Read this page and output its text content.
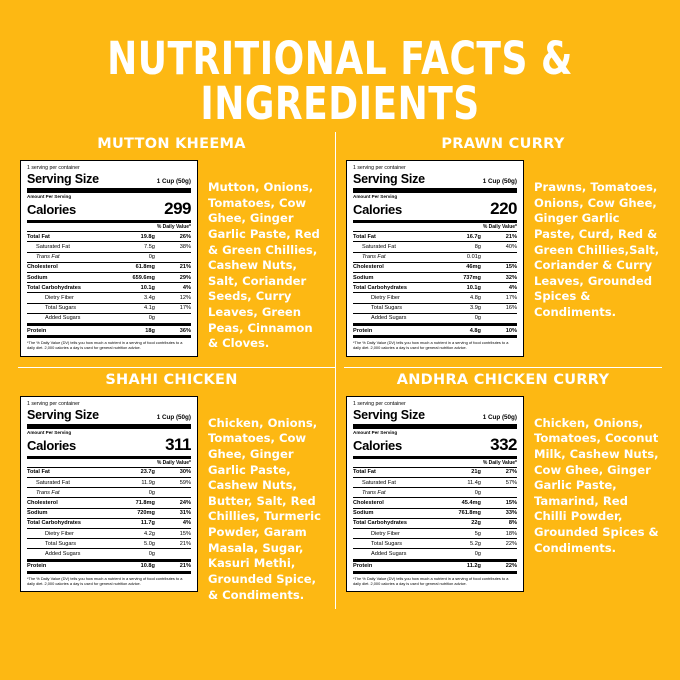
NUTRITIONAL FACTS & INGREDIENTS
MUTTON KHEEMA
1 serving per container
Serving Size	1 Cup (50g)
Amount Per Serving
Calories	299
% Daily Value*
Total Fat	19.8g	26%
Saturated Fat	7.5g	38%
Trans Fat	0g	
Cholesterol	61.8mg	21%
Sodium	659.6mg	29%
Total Carbohydrates	10.1g	4%
Dietry Fiber	3.4g	12%
Total Sugars	4.1g	17%
Added Sugars	0g	
Protein	18g	36%
*The % Daily Value (DV) tells you how much a nutrient in a serving of food contributes to a daily diet. 2,000 calories a day is used for general nutrition advice.
Mutton, Onions, Tomatoes, Cow Ghee, Ginger Garlic Paste, Red & Green Chillies, Cashew Nuts, Salt, Coriander Seeds, Curry Leaves, Green Peas, Cinnamon & Cloves.
PRAWN CURRY
1 serving per container
Serving Size	1 Cup (50g)
Amount Per Serving
Calories	220
% Daily Value*
Total Fat	16.7g	21%
Saturated Fat	8g	40%
Trans Fat	0.01g	
Cholesterol	46mg	15%
Sodium	737mg	32%
Total Carbohydrates	10.1g	4%
Dietry Fiber	4.8g	17%
Total Sugars	3.9g	16%
Added Sugars	0g	
Protein	4.8g	10%
*The % Daily Value (DV) tells you how much a nutrient in a serving of food contributes to a daily diet. 2,000 calories a day is used for general nutrition advice.
Prawns, Tomatoes, Onions, Cow Ghee, Ginger Garlic Paste, Curd, Red & Green Chillies,Salt, Coriander & Curry Leaves, Grounded Spices & Condiments.
SHAHI CHICKEN
1 serving per container
Serving Size	1 Cup (50g)
Amount Per Serving
Calories	311
% Daily Value*
Total Fat	23.7g	30%
Saturated Fat	11.9g	59%
Trans Fat	0g	
Cholesterol	71.8mg	24%
Sodium	720mg	31%
Total Carbohydrates	11.7g	4%
Dietry Fiber	4.2g	15%
Total Sugars	5.0g	21%
Added Sugars	0g	
Protein	10.8g	21%
*The % Daily Value (DV) tells you how much a nutrient in a serving of food contributes to a daily diet. 2,000 calories a day is used for general nutrition advice.
Chicken, Onions, Tomatoes, Cow Ghee, Ginger Garlic Paste, Cashew Nuts, Butter, Salt, Red Chillies, Turmeric Powder, Garam Masala, Sugar, Kasuri Methi, Grounded Spice, & Condiments.
ANDHRA CHICKEN CURRY
1 serving per container
Serving Size	1 Cup (50g)
Amount Per Serving
Calories	332
% Daily Value*
Total Fat	21g	27%
Saturated Fat	11.4g	57%
Trans Fat	0g	
Cholesterol	45.4mg	15%
Sodium	761.8mg	33%
Total Carbohydrates	22g	8%
Dietry Fiber	5g	18%
Total Sugars	5.2g	22%
Added Sugars	0g	
Protein	11.2g	22%
*The % Daily Value (DV) tells you how much a nutrient in a serving of food contributes to a daily diet. 2,000 calories a day is used for general nutrition advice.
Chicken, Onions, Tomatoes, Coconut Milk, Cashew Nuts, Cow Ghee, Ginger Garlic Paste, Tamarind, Red Chilli Powder, Grounded Spices & Condiments.
